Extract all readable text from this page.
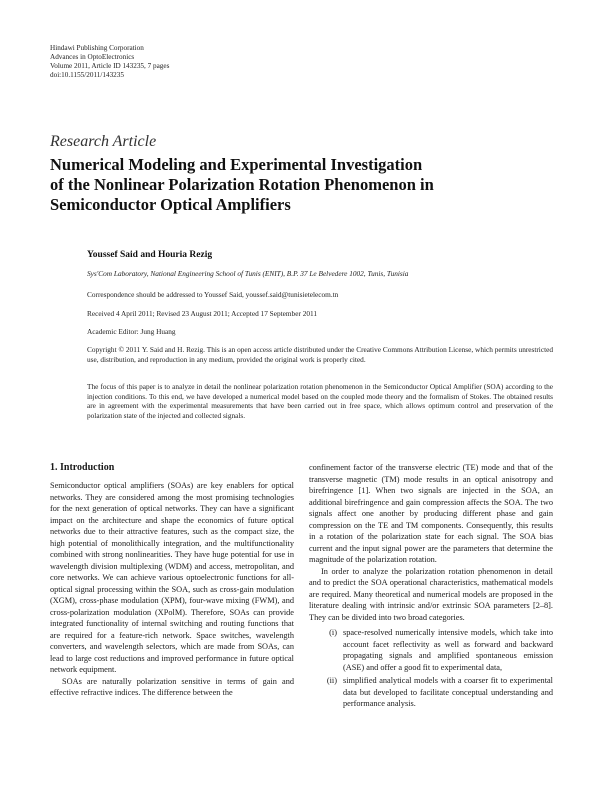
Hindawi Publishing Corporation
Advances in OptoElectronics
Volume 2011, Article ID 143235, 7 pages
doi:10.1155/2011/143235
Research Article
Numerical Modeling and Experimental Investigation
of the Nonlinear Polarization Rotation Phenomenon in
Semiconductor Optical Amplifiers
Youssef Said and Houria Rezig
Sys'Com Laboratory, National Engineering School of Tunis (ENIT), B.P. 37 Le Belvedere 1002, Tunis, Tunisia
Correspondence should be addressed to Youssef Said, youssef.said@tunisietelecom.tn
Received 4 April 2011; Revised 23 August 2011; Accepted 17 September 2011
Academic Editor: Jung Huang
Copyright © 2011 Y. Said and H. Rezig. This is an open access article distributed under the Creative Commons Attribution License, which permits unrestricted use, distribution, and reproduction in any medium, provided the original work is properly cited.
The focus of this paper is to analyze in detail the nonlinear polarization rotation phenomenon in the Semiconductor Optical Amplifier (SOA) according to the injection conditions. To this end, we have developed a numerical model based on the coupled mode theory and the formalism of Stokes. The obtained results are in agreement with the experimental measurements that have been carried out in free space, which allows optimum control and preservation of the polarization state of the injected and collected signals.
1. Introduction

Semiconductor optical amplifiers (SOAs) are key enablers for optical networks. They are considered among the most promising technologies for the next generation of optical networks. They can have a significant impact on the architecture and shape the economics of future optical networks due to their attractive features, such as the compact size, the high potential of monolithically integration, and the multifunctionality combined with strong nonlinearities. They have huge potential for use in wavelength division multiplexing (WDM) and access, metropolitan, and core networks. We can achieve various optoelectronic functions for all-optical signal processing within the SOA, such as cross-gain modulation (XGM), cross-phase modulation (XPM), four-wave mixing (FWM), and cross-polarization modulation (XPolM). Therefore, SOAs can provide integrated functionality of internal switching and routing functions that are required for a feature-rich network. Space switches, wavelength converters, and wavelength selectors, which are made from SOAs, can lead to large cost reductions and improved performance in future optical network equipment.

SOAs are naturally polarization sensitive in terms of gain and effective refractive indices. The difference between the

confinement factor of the transverse electric (TE) mode and that of the transverse magnetic (TM) mode results in an optical anisotropy and birefringence [1]. When two signals are injected in the SOA, an additional birefringence and gain compression affects the SOA. The two signals affect one another by producing different phase and gain compression on the TE and TM components. Consequently, this results in a rotation of the polarization state for each signal. The SOA bias current and the input signal power are the parameters that determine the magnitude of the polarization rotation.

In order to analyze the polarization rotation phenomenon in detail and to predict the SOA operational characteristics, mathematical models are required. Many theoretical and numerical models are proposed in the literature dealing with intrinsic and/or extrinsic SOA parameters [2–8]. They can be divided into two broad categories.

(i) space-resolved numerically intensive models, which take into account facet reflectivity as well as forward and backward propagating signals and amplified spontaneous emission (ASE) and offer a good fit to experimental data,
(ii) simplified analytical models with a coarser fit to experimental data but developed to facilitate conceptual understanding and performance analysis.
